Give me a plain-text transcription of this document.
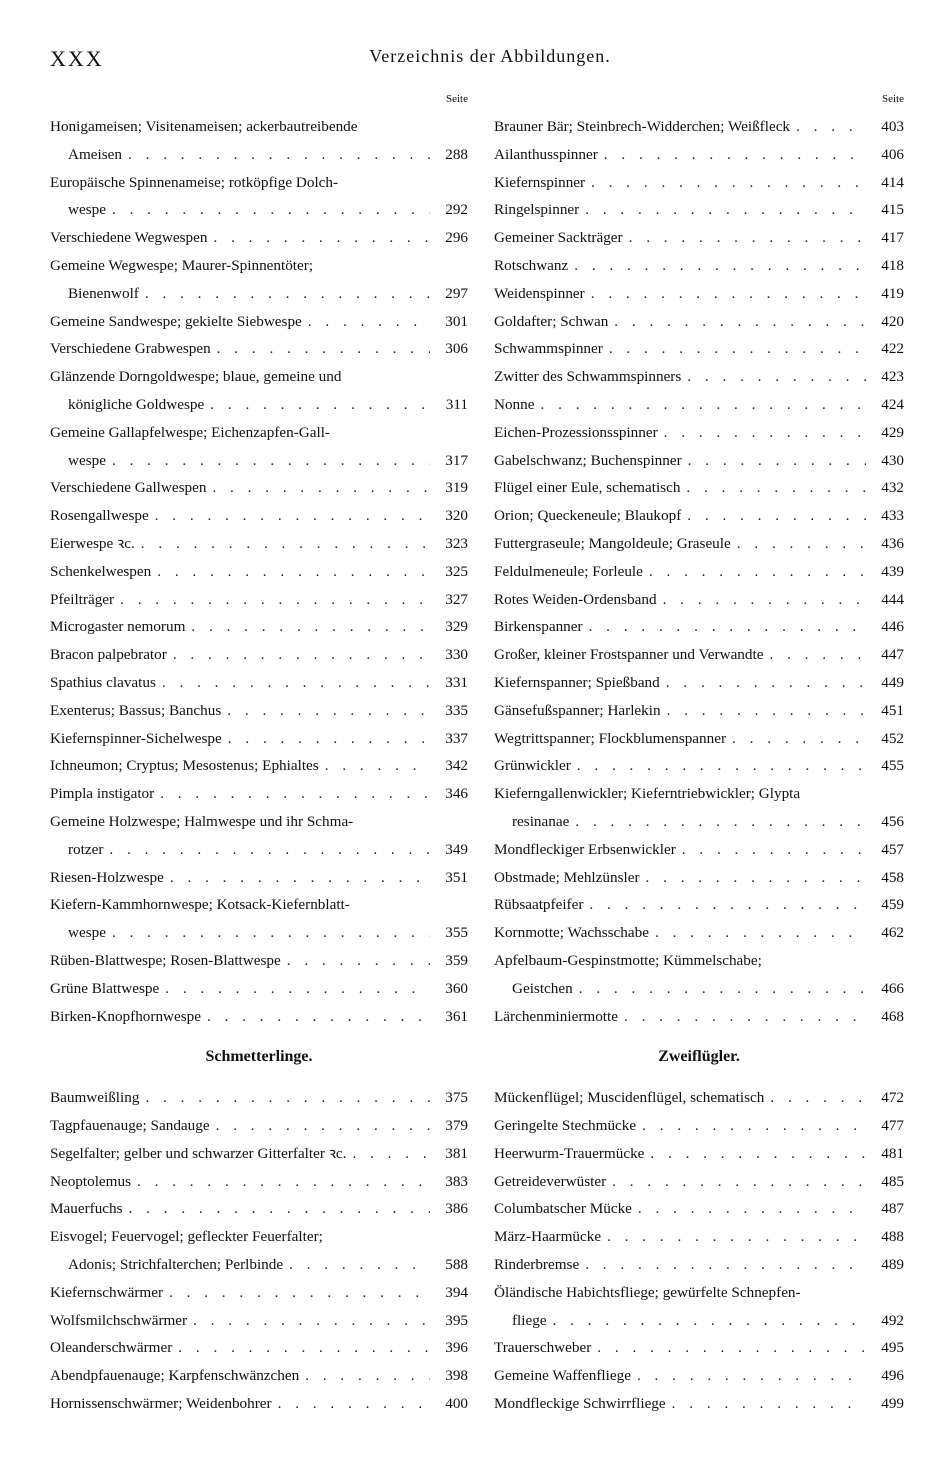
XXX	Verzeichnis der Abbildungen.
Seite
Honigameisen; Visitenameisen; ackerbautreibende
Ameisen . . .	288
Europäische Spinnenameise; rotköpfige Dolch-
wespe . . .	292
Verschiedene Wegwespen . . .	296
Gemeine Wegwespe; Maurer-Spinnentöter;
Bienenwolf . . .	297
Gemeine Sandwespe; gekielte Siebwespe . . .	301
Verschiedene Grabwespen . . .	306
Glänzende Dorngoldwespe; blaue, gemeine und
königliche Goldwespe . . .	311
Gemeine Gallapfelwespe; Eichenzapfen-Gall-
wespe . . .	317
Verschiedene Gallwespen . . .	319
Rosengallwespe . . .	320
Eierwespe ꝛc. . . .	323
Schenkelwespen . . .	325
Pfeilträger . . .	327
Microgaster nemorum . . .	329
Bracon palpebrator . . .	330
Spathius clavatus . . .	331
Exenterus; Bassus; Banchus . . .	335
Kiefernspinner-Sichelwespe . . .	337
Ichneumon; Cryptus; Mesostenus; Ephialtes . . .	342
Pimpla instigator . . .	346
Gemeine Holzwespe; Halmwespe und ihr Schma-
rotzer . . .	349
Riesen-Holzwespe . . .	351
Kiefern-Kammhornwespe; Kotsack-Kiefernblatt-
wespe . . .	355
Rüben-Blattwespe; Rosen-Blattwespe . . .	359
Grüne Blattwespe . . .	360
Birken-Knopfhornwespe . . .	361
Schmetterlinge.
Baumweißling . . .	375
Tagpfauenauge; Sandauge . . .	379
Segelfalter; gelber und schwarzer Gitterfalter ꝛc. . . .	381
Neoptolemus . . .	383
Mauerfuchs . . .	386
Eisvogel; Feuervogel; gefleckter Feuerfalter;
Adonis; Strichfalterchen; Perlbinde . . .	588
Kiefernschwärmer . . .	394
Wolfsmilchschwärmer . . .	395
Oleanderschwärmer . . .	396
Abendpfauenauge; Karpfenschwänzchen . . .	398
Hornissenschwärmer; Weidenbohrer . . .	400
Seite
Brauner Bär; Steinbrech-Widderchen; Weißfleck . . .	403
Ailanthusspinner . . .	406
Kiefernspinner . . .	414
Ringelspinner . . .	415
Gemeiner Sackträger . . .	417
Rotschwanz . . .	418
Weidenspinner . . .	419
Goldafter; Schwan . . .	420
Schwammspinner . . .	422
Zwitter des Schwammspinners . . .	423
Nonne . . .	424
Eichen-Prozessionsspinner . . .	429
Gabelschwanz; Buchenspinner . . .	430
Flügel einer Eule, schematisch . . .	432
Orion; Queckeneule; Blaukopf . . .	433
Futtergraseule; Mangoldeule; Graseule . . .	436
Feldulmeneule; Forleule . . .	439
Rotes Weiden-Ordensband . . .	444
Birkenspanner . . .	446
Großer, kleiner Frostspanner und Verwandte . . .	447
Kiefernspanner; Spießband . . .	449
Gänsefußspanner; Harlekin . . .	451
Wegtrittspanner; Flockblumenspanner . . .	452
Grünwickler . . .	455
Kieferngallenwickler; Kieferntriebwickler; Glypta
resinanae . . .	456
Mondfleckiger Erbsenwickler . . .	457
Obstmade; Mehlzünsler . . .	458
Rübsaatpfeifer . . .	459
Kornmotte; Wachsschabe . . .	462
Apfelbaum-Gespinstmotte; Kümmelschabe;
Geistchen . . .	466
Lärchenminiermotte . . .	468
Zweiflügler.
Mückenflügel; Muscidenflügel, schematisch . . .	472
Geringelte Stechmücke . . .	477
Heerwurm-Trauermücke . . .	481
Getreideverwüster . . .	485
Columbatscher Mücke . . .	487
März-Haarmücke . . .	488
Rinderbremse . . .	489
Öländische Habichtsfliege; gewürfelte Schnepfen-
fliege . . .	492
Trauerschweber . . .	495
Gemeine Waffenfliege . . .	496
Mondfleckige Schwirrfliege . . .	499
